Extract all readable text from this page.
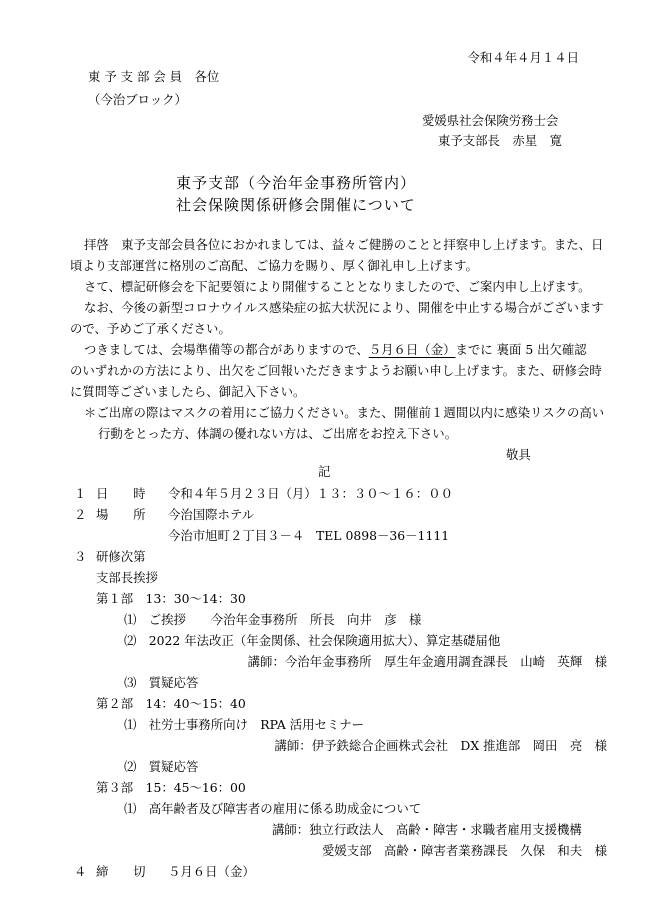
令和４年４月１４日
東 予 支 部 会 員　各位
（今治ブロック）
愛媛県社会保険労務士会
東予支部長　赤星　寛
東予支部（今治年金事務所管内）
社会保険関係研修会開催について
拝啓　東予支部会員各位におかれましては、益々ご健勝のことと拝察申し上げます。また、日
頃より支部運営に格別のご高配、ご協力を賜り、厚く御礼申し上げます。
さて、標記研修会を下記要領により開催することとなりましたので、ご案内申し上げます。
なお、今後の新型コロナウイルス感染症の拡大状況により、開催を中止する場合がございます
ので、予めご了承ください。
つきましては、会場準備等の都合がありますので、５月６日（金）までに 裏面 5 出欠確認
のいずれかの方法により、出欠をご回報いただきますようお願い申し上げます。また、研修会時
に質問等ございましたら、御記入下さい。
＊ご出席の際はマスクの着用にご協力ください。また、開催前１週間以内に感染リスクの高い
行動をとった方、体調の優れない方は、ご出席をお控え下さい。
敬具
記
１ 日　　時 令和４年５月２３日（月）１３：３０～１６：００
２ 場　　所 今治国際ホテル
今治市旭町２丁目３－４ TEL 0898－36－1111
３ 研修次第
支部長挨拶
第１部　13：30～14：30
⑴　ご挨拶　　今治年金事務所　所長　向井　彦　様
⑵　2022 年法改正（年金関係、社会保険適用拡大）、算定基礎届他
講師：今治年金事務所　厚生年金適用調査課長　山崎　英輝　様
⑶　質疑応答
第２部　14：40～15：40
⑴　社労士事務所向け　RPA 活用セミナー
講師：伊予鉄総合企画株式会社　DX 推進部　岡田　亮　様
⑵　質疑応答
第３部　15：45～16：00
⑴　高年齢者及び障害者の雇用に係る助成金について
講師：独立行政法人　高齢・障害・求職者雇用支援機構
愛媛支部　高齢・障害者業務課長　久保　和夫　様
４ 締　　切 ５月６日（金）
